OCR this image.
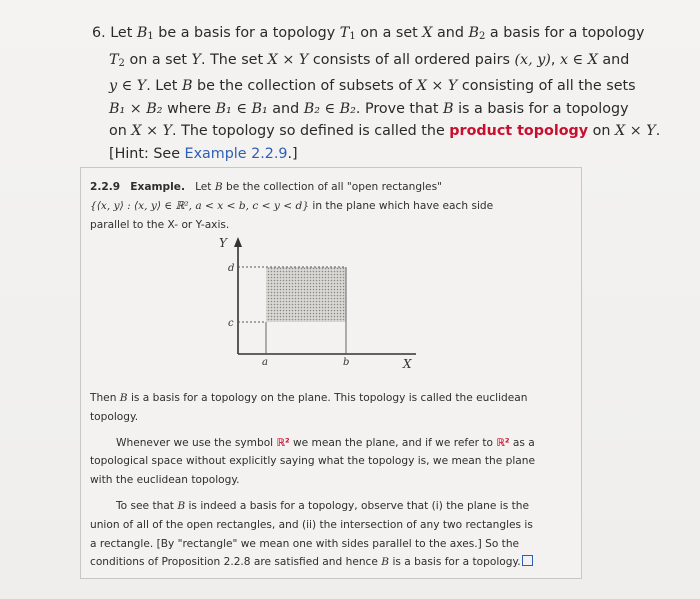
6. Let $B_1$ be a basis for a topology $T_1$ on a set X and $B_2$ a basis for a topology
$T_2$ on a set Y. The set X × Y consists of all ordered pairs (x, y), x ∈ X and
y ∈ Y. Let B be the collection of subsets of X × Y consisting of all the sets
B₁ × B₂ where B₁ ∈ B₁ and B₂ ∈ B₂. Prove that B is a basis for a topology
on X × Y. The topology so defined is called the product topology on X × Y.
[Hint: See Example 2.2.9.]
2.2.9 Example. Let B be the collection of all "open rectangles"
{⟨x, y⟩ : ⟨x, y⟩ ∈ ℝ², a < x < b, c < y < d} in the plane which have each side
parallel to the X- or Y-axis.
Y
X
d
c
a	b
Then B is a basis for a topology on the plane. This topology is called the euclidean
topology.
Whenever we use the symbol ℝ² we mean the plane, and if we refer to ℝ² as a
topological space without explicitly saying what the topology is, we mean the plane
with the euclidean topology.
To see that B is indeed a basis for a topology, observe that (i) the plane is the
union of all of the open rectangles, and (ii) the intersection of any two rectangles is
a rectangle. [By "rectangle" we mean one with sides parallel to the axes.] So the
conditions of Proposition 2.2.8 are satisfied and hence B is a basis for a topology.
